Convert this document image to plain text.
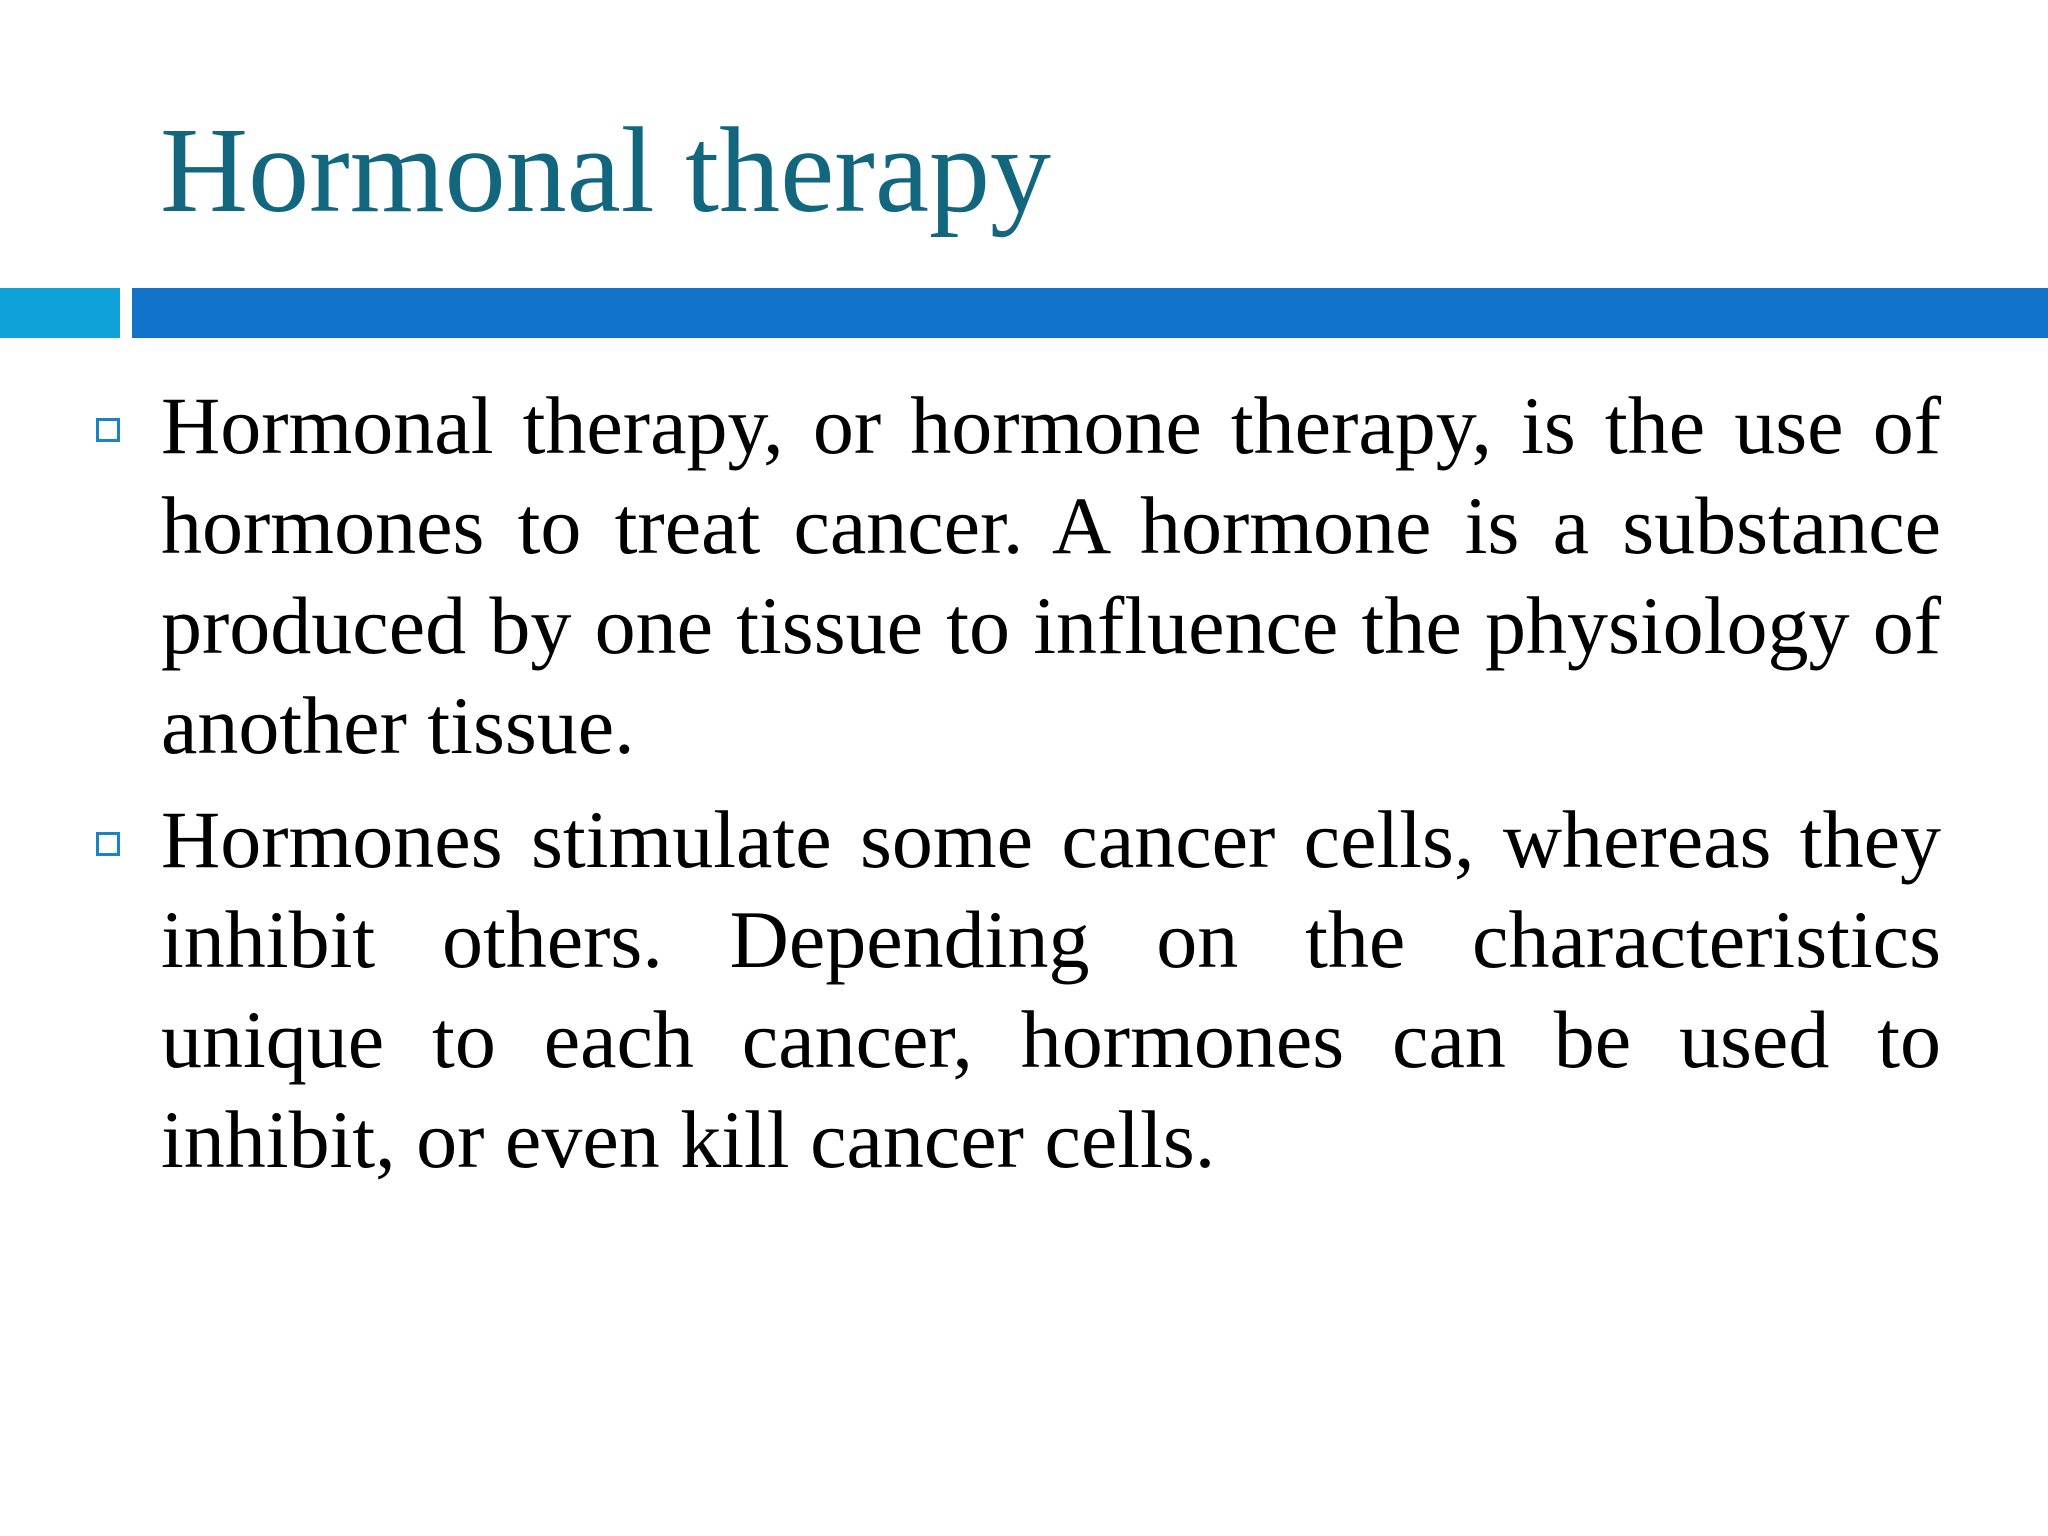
Hormonal therapy

Hormonal therapy, or hormone therapy, is the use of hormones to treat cancer. A hormone is a substance produced by one tissue to influence the physiology of another tissue.

Hormones stimulate some cancer cells, whereas they inhibit others. Depending on the characteristics unique to each cancer, hormones can be used to inhibit, or even kill cancer cells.
